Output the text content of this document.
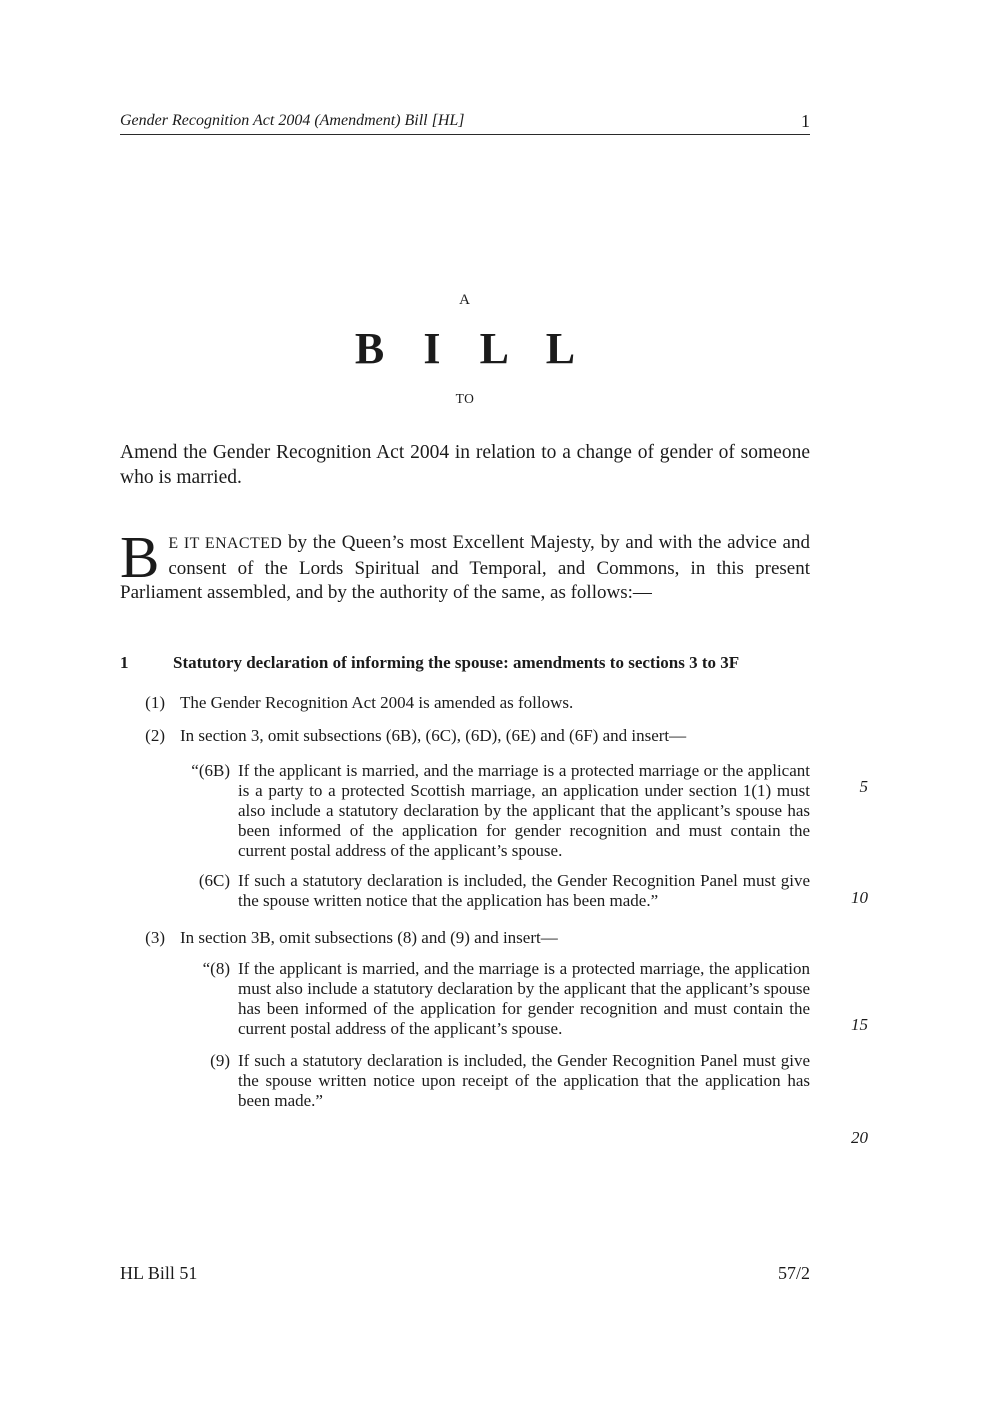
Gender Recognition Act 2004 (Amendment) Bill [HL]	1
A
B I L L
TO

Amend the Gender Recognition Act 2004 in relation to a change of gender of someone who is married.

B E IT ENACTED by the Queen’s most Excellent Majesty, by and with the advice and consent of the Lords Spiritual and Temporal, and Commons, in this present Parliament assembled, and by the authority of the same, as follows:—

1	Statutory declaration of informing the spouse: amendments to sections 3 to 3F
(1) The Gender Recognition Act 2004 is amended as follows.

(2) In section 3, omit subsections (6B), (6C), (6D), (6E) and (6F) and insert—

“(6B) If the applicant is married, and the marriage is a protected marriage or the applicant is a party to a protected Scottish marriage, an application under section 1(1) must also include a statutory declaration by the applicant that the applicant’s spouse has been informed of the application for gender recognition and must contain the current postal address of the applicant’s spouse.

(6C) If such a statutory declaration is included, the Gender Recognition Panel must give the spouse written notice that the application has been made.”

(3) In section 3B, omit subsections (8) and (9) and insert—

“(8) If the applicant is married, and the marriage is a protected marriage, the application must also include a statutory declaration by the applicant that the applicant’s spouse has been informed of the application for gender recognition and must contain the current postal address of the applicant’s spouse.

(9) If such a statutory declaration is included, the Gender Recognition Panel must give the spouse written notice upon receipt of the application that the application has been made.”

5
10
15
20
HL Bill 51	57/2
